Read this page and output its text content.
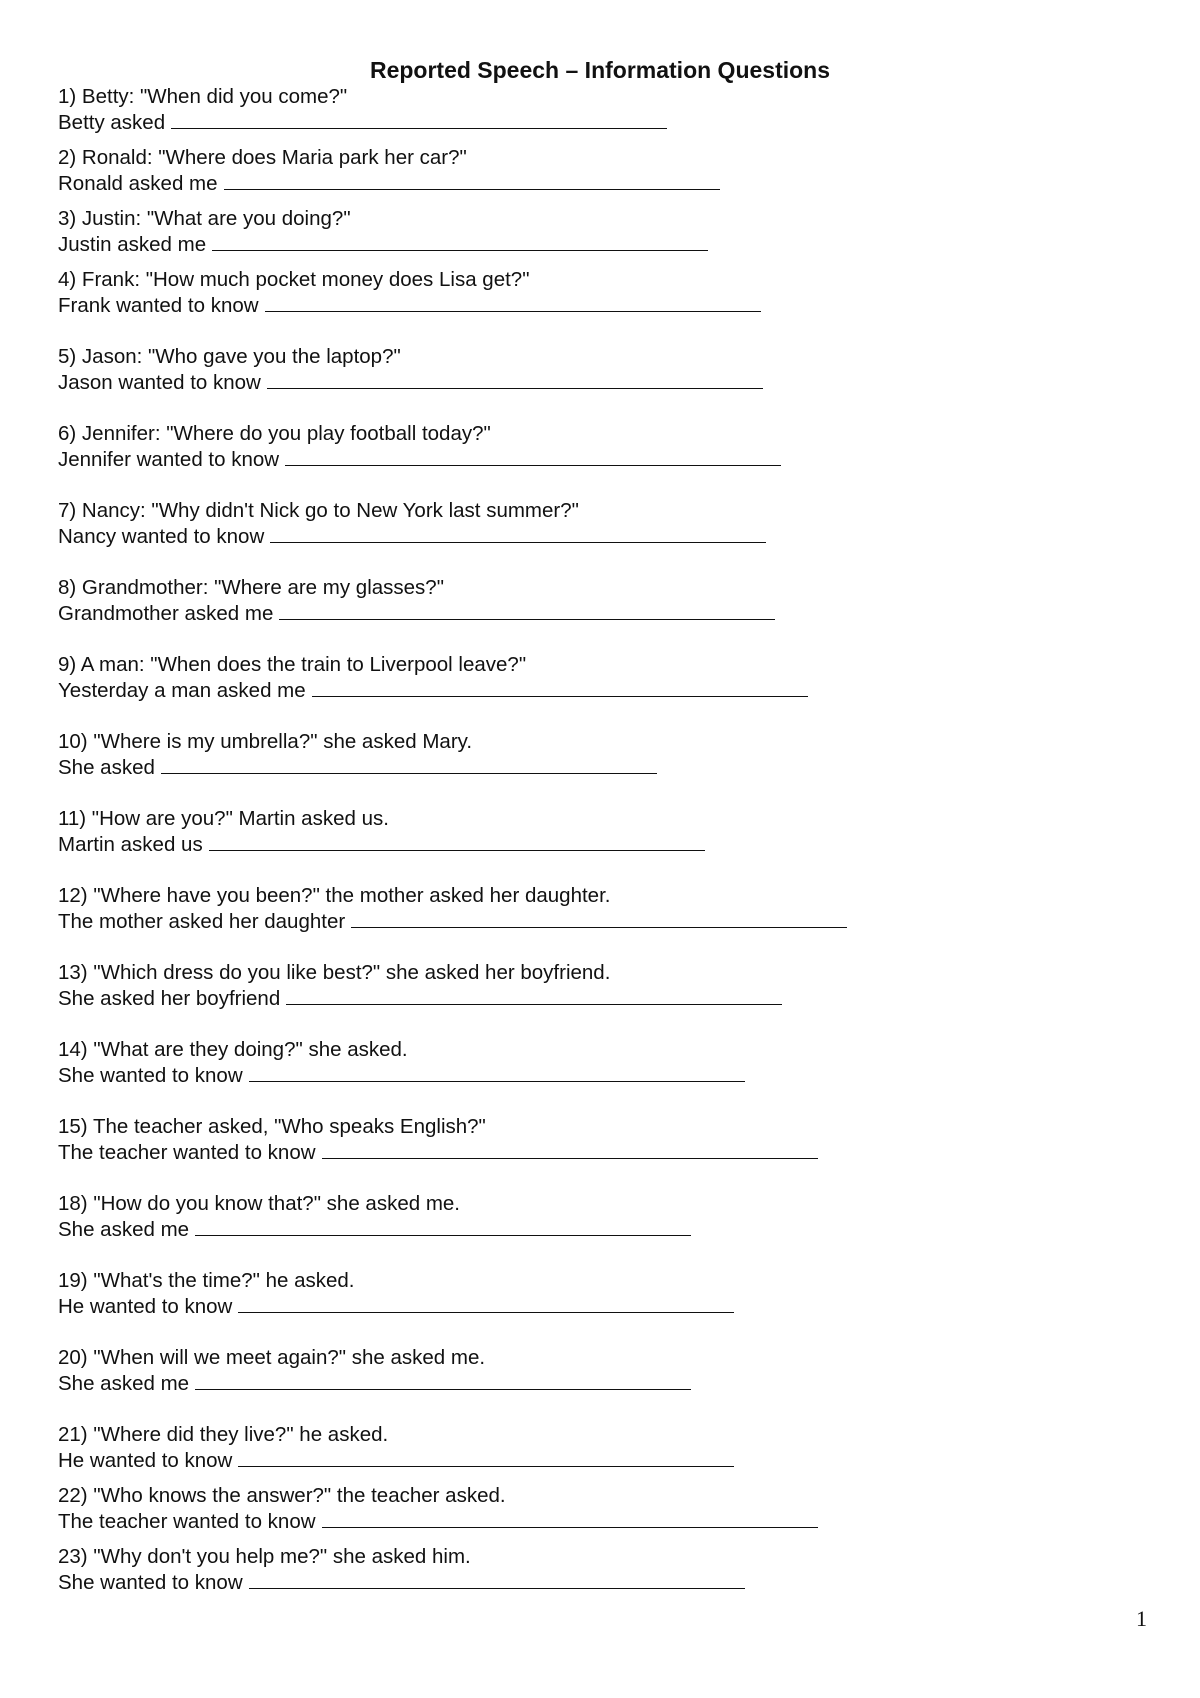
Reported Speech – Information Questions
1) Betty: "When did you come?"
Betty asked
2) Ronald: "Where does Maria park her car?"
Ronald asked me
3) Justin: "What are you doing?"
Justin asked me
4) Frank: "How much pocket money does Lisa get?"
Frank wanted to know
5) Jason: "Who gave you the laptop?"
Jason wanted to know
6) Jennifer: "Where do you play football today?"
Jennifer wanted to know
7) Nancy: "Why didn't Nick go to New York last summer?"
Nancy wanted to know
8) Grandmother: "Where are my glasses?"
Grandmother asked me
9) A man: "When does the train to Liverpool leave?"
Yesterday a man asked me
10) "Where is my umbrella?" she asked Mary.
She asked
11) "How are you?" Martin asked us.
Martin asked us
12) "Where have you been?" the mother asked her daughter.
The mother asked her daughter
13) "Which dress do you like best?" she asked her boyfriend.
She asked her boyfriend
14) "What are they doing?" she asked.
She wanted to know
15) The teacher asked, "Who speaks English?"
The teacher wanted to know
18) "How do you know that?" she asked me.
She asked me
19) "What's the time?" he asked.
He wanted to know
20) "When will we meet again?" she asked me.
She asked me
21) "Where did they live?" he asked.
He wanted to know
22) "Who knows the answer?" the teacher asked.
The teacher wanted to know
23) "Why don't you help me?" she asked him.
She wanted to know
1
